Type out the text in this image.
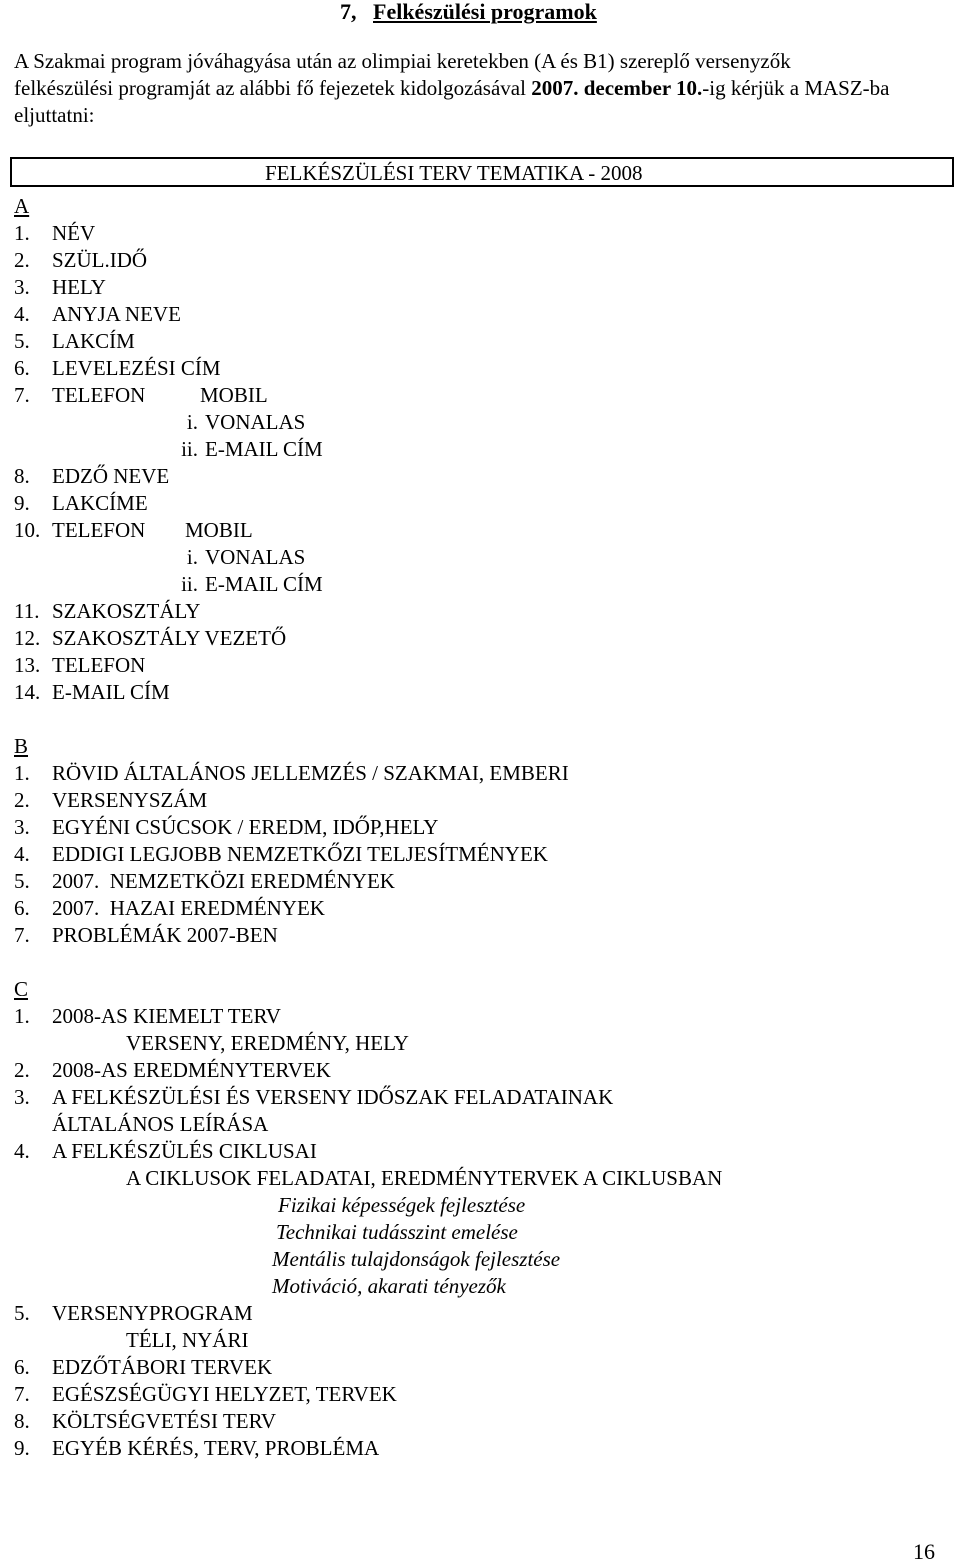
7, Felkészülési programok
A Szakmai program jóváhagyása után az olimpiai keretekben (A és B1) szereplő versenyzők felkészülési programját az alábbi fő fejezetek kidolgozásával 2007. december 10.-ig kérjük a MASZ-ba eljuttatni:
FELKÉSZÜLÉSI TERV TEMATIKA - 2008
A
1. NÉV
2. SZÜL.IDŐ
3. HELY
4. ANYJA NEVE
5. LAKCÍM
6. LEVELEZÉSI CÍM
7. TELEFON	MOBIL
i. VONALAS
ii. E-MAIL CÍM
8. EDZŐ NEVE
9. LAKCÍME
10. TELEFON MOBIL
i. VONALAS
ii. E-MAIL CÍM
11. SZAKOSZTÁLY
12. SZAKOSZTÁLY VEZETŐ
13. TELEFON
14. E-MAIL CÍM
B
1. RÖVID ÁLTALÁNOS JELLEMZÉS / SZAKMAI, EMBERI
2. VERSENYSZÁM
3. EGYÉNI CSÚCSOK / EREDM, IDŐP,HELY
4. EDDIGI LEGJOBB NEMZETKŐZI TELJESÍTMÉNYEK
5. 2007.  NEMZETKÖZI EREDMÉNYEK
6. 2007.  HAZAI EREDMÉNYEK
7. PROBLÉMÁK 2007-BEN
C
1. 2008-AS KIEMELT TERV
VERSENY, EREDMÉNY, HELY
2. 2008-AS EREDMÉNYTERVEK
3. A FELKÉSZÜLÉSI ÉS VERSENY IDŐSZAK FELADATAINAK
ÁLTALÁNOS LEÍRÁSA
4. A FELKÉSZÜLÉS CIKLUSAI
A CIKLUSOK FELADATAI, EREDMÉNYTERVEK A CIKLUSBAN
Fizikai képességek fejlesztése
Technikai tudásszint emelése
Mentális tulajdonságok fejlesztése
Motiváció, akarati tényezők
5. VERSENYPROGRAM
TÉLI, NYÁRI
6. EDZŐTÁBORI TERVEK
7. EGÉSZSÉGÜGYI HELYZET, TERVEK
8. KÖLTSÉGVETÉSI TERV
9. EGYÉB KÉRÉS, TERV, PROBLÉMA
16
